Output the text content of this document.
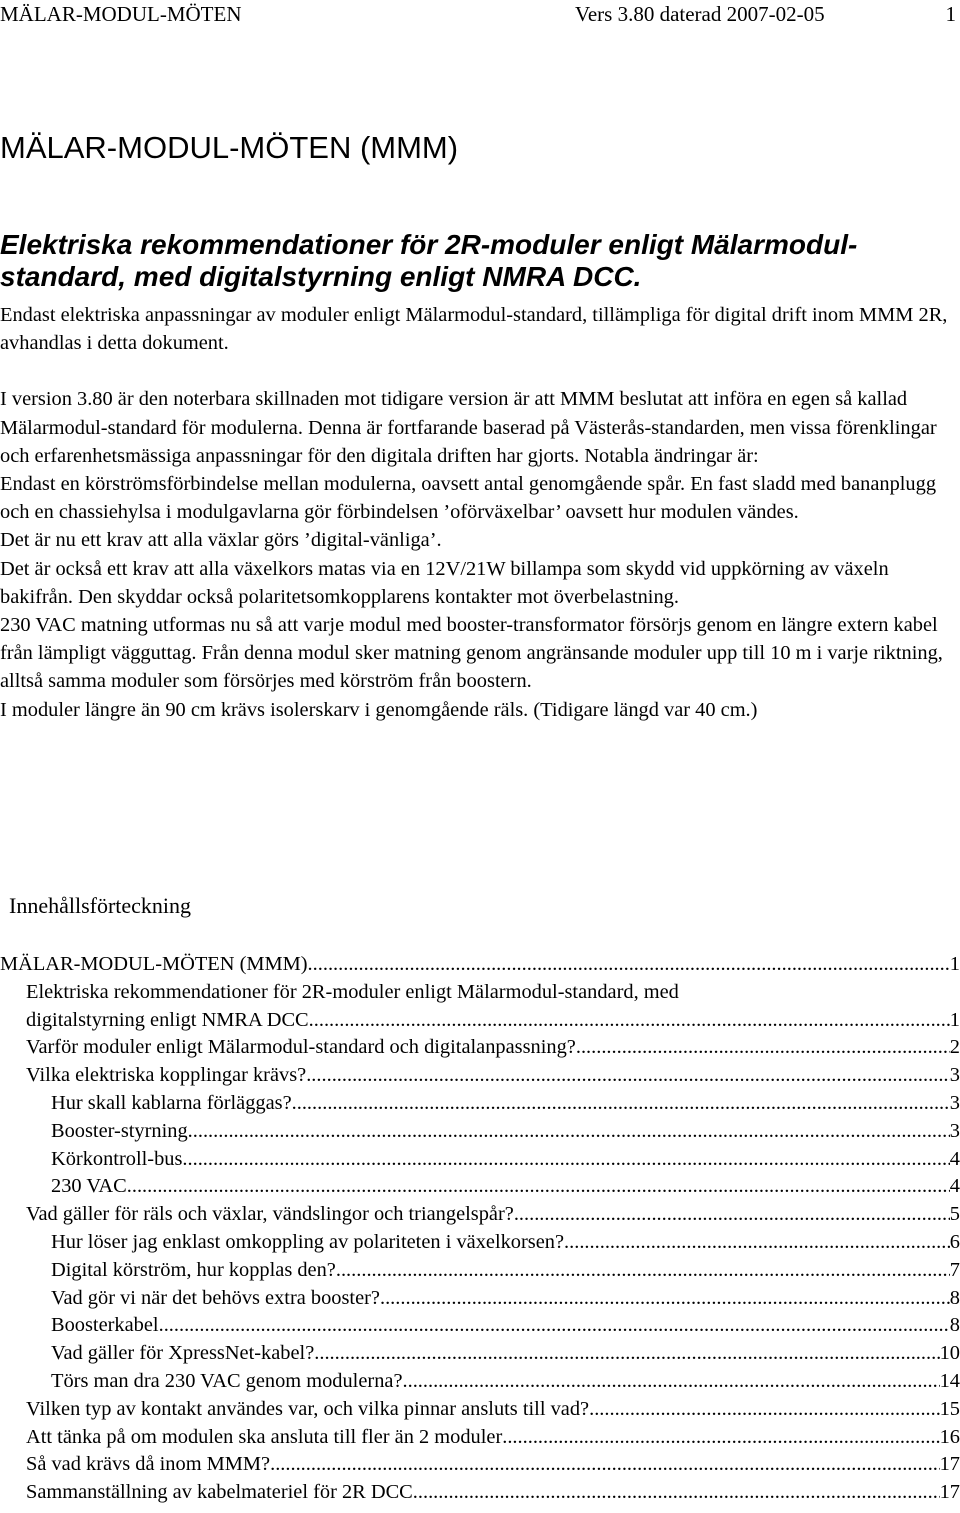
MÄLAR-MODUL-MÖTEN	Vers 3.80 daterad 2007-02-05	1
MÄLAR-MODUL-MÖTEN (MMM)
Elektriska rekommendationer för 2R-moduler enligt Mälarmodul-standard, med digitalstyrning enligt NMRA DCC.

Endast elektriska anpassningar av moduler enligt Mälarmodul-standard, tillämpliga för digital drift inom MMM 2R, avhandlas i detta dokument.

I version 3.80 är den noterbara skillnaden mot tidigare version är att MMM beslutat att införa en egen så kallad Mälarmodul-standard för modulerna. Denna är fortfarande baserad på Västerås-standarden, men vissa förenklingar och erfarenhetsmässiga anpassningar för den digitala driften har gjorts. Notabla ändringar är:

Endast en körströmsförbindelse mellan modulerna, oavsett antal genomgående spår. En fast sladd med bananplugg och en chassiehylsa i modulgavlarna gör förbindelsen ’oförväxelbar’ oavsett hur modulen vändes.

Det är nu ett krav att alla växlar görs ’digital-vänliga’.

Det är också ett krav att alla växelkors matas via en 12V/21W billampa som skydd vid uppkörning av växeln bakifrån. Den skyddar också polaritetsomkopplarens kontakter mot överbelastning.

230 VAC matning utformas nu så att varje modul med booster-transformator försörjs genom en längre extern kabel från lämpligt vägguttag. Från denna modul sker matning genom angränsande moduler upp till 10 m i varje riktning, alltså samma moduler som försörjes med körström från boostern.

I moduler längre än 90 cm krävs isolerskarv i genomgående räls. (Tidigare längd var 40 cm.)

Innehållsförteckning
MÄLAR-MODUL-MÖTEN (MMM) .....	1
Elektriska rekommendationer för 2R-moduler enligt Mälarmodul-standard, med
digitalstyrning enligt NMRA DCC. .....	1
Varför moduler enligt Mälarmodul-standard och digitalanpassning? .....	2
Vilka elektriska kopplingar krävs? .....	3
Hur skall kablarna förläggas? .....	3
Booster-styrning .....	3
Körkontroll-bus .....	4
230 VAC .....	4
Vad gäller för räls och växlar, vändslingor och triangelspår? .....	5
Hur löser jag enklast omkoppling av polariteten i växelkorsen? .....	6
Digital körström, hur kopplas den? .....	7
Vad gör vi när det behövs extra booster? .....	8
Boosterkabel .....	8
Vad gäller för XpressNet-kabel? .....	10
Törs man dra 230 VAC genom modulerna? .....	14
Vilken typ av kontakt användes var, och vilka pinnar ansluts till vad? .....	15
Att tänka på om modulen ska ansluta till fler än 2 moduler .....	16
Så vad krävs då inom MMM? .....	17
Sammanställning av kabelmateriel för 2R DCC .....	17
